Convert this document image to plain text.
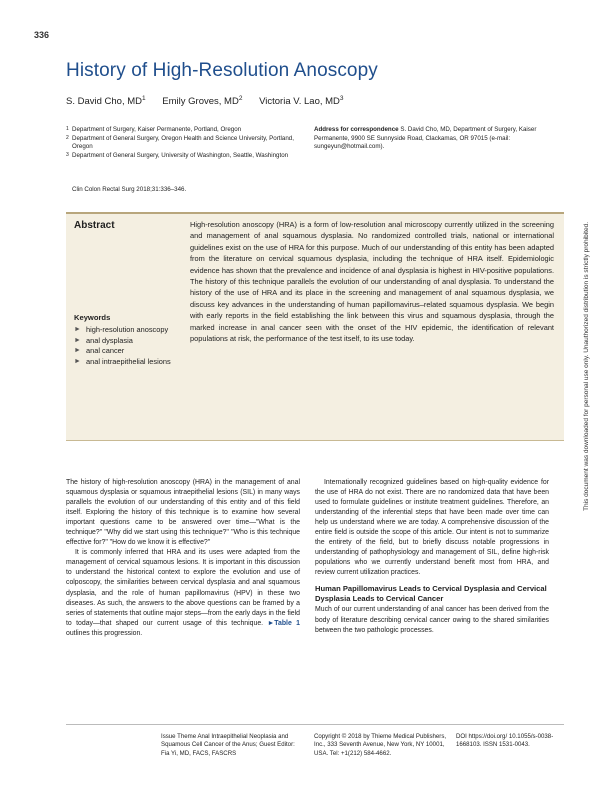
336
History of High-Resolution Anoscopy
S. David Cho, $MD^1$ Emily Groves, $MD^2$ Victoria V. Lao, $MD^3$
1 Department of Surgery, Kaiser Permanente, Portland, Oregon
2 Department of General Surgery, Oregon Health and Science University, Portland, Oregon
3 Department of General Surgery, University of Washington, Seattle, Washington
Address for correspondence S. David Cho, MD, Department of Surgery, Kaiser Permanente, 9900 SE Sunnyside Road, Clackamas, OR 97015 (e-mail: sungeyun@hotmail.com).
Clin Colon Rectal Surg 2018;31:336–346.
Abstract	High-resolution anoscopy (HRA) is a form of low-resolution anal microscopy currently utilized in the screening and management of anal squamous dysplasia. No randomized controlled trials, national or international guidelines exist on the use of HRA for this purpose. Much of our understanding of this entity has been adapted from the literature on cervical squamous dysplasia, including the technique of HRA itself. Epidemiologic evidence has shown that the prevalence and incidence of anal dysplasia is highest in HIV-positive populations. The history of this technique parallels the evolution of our understanding of anal dysplasia. To understand the history of the use of HRA and its place in the screening and management of anal squamous dysplasia, we discuss key advances in the understanding of human papillomavirus–related squamous dysplasia. We begin with early reports in the field establishing the link between this virus and squamous dysplasia, through the marked increase in anal cancer seen with the onset of the HIV epidemic, the identification of relevant populations at risk, the performance of the test itself, to its use today.
Keywords
► high-resolution anoscopy
► anal dysplasia
► anal cancer
► anal intraepithelial lesions

The history of high-resolution anoscopy (HRA) in the management of anal squamous dysplasia or squamous intraepithelial lesions (SIL) in many ways parallels the evolution of our understanding of this entity and of this field itself. Exploring the history of this technique is to examine how several important questions came to be answered over time—"What is the technique?" "Why did we start using this technique?" "Who is this technique effective for?" "How do we know it is effective?"

It is commonly inferred that HRA and its uses were adapted from the management of cervical squamous lesions. It is important in this discussion to understand the historical context to explore the evolution and use of colposcopy, the similarities between cervical dysplasia and anal squamous dysplasia, and the role of human papillomavirus (HPV) in these two diseases. As such, the answers to the above questions can be framed by a series of statements that outline major steps—from the early days in the field to today—that shaped our current usage of this technique. ►Table 1 outlines this progression.

Internationally recognized guidelines based on high-quality evidence for the use of HRA do not exist. There are no randomized data that have been used to formulate guidelines or institute treatment guidelines. Therefore, an understanding of the inferential steps that have been made over time can help us understand where we are today. A comprehensive discussion of the entire field is outside the scope of this article. Our intent is not to summarize the entirety of the field, but to briefly discuss notable progressions in understanding of pathophysiology and management of SIL, define high-risk populations who we currently understand benefit most from HRA, and review current utilization practices.

Human Papillomavirus Leads to Cervical Dysplasia and Cervical Dysplasia Leads to Cervical Cancer

Much of our current understanding of anal cancer has been derived from the body of literature describing cervical cancer owing to the shared similarities between the two pathologic processes.

Issue Theme Anal Intraepithelial Neoplasia and Squamous Cell Cancer of the Anus; Guest Editor: Fia Yi, MD, FACS, FASCRS
Copyright © 2018 by Thieme Medical Publishers, Inc., 333 Seventh Avenue, New York, NY 10001, USA. Tel: +1(212) 584-4662.
DOI https://doi.org/ 10.1055/s-0038-1668103. ISSN 1531-0043.
This document was downloaded for personal use only. Unauthorized distribution is strictly prohibited.
